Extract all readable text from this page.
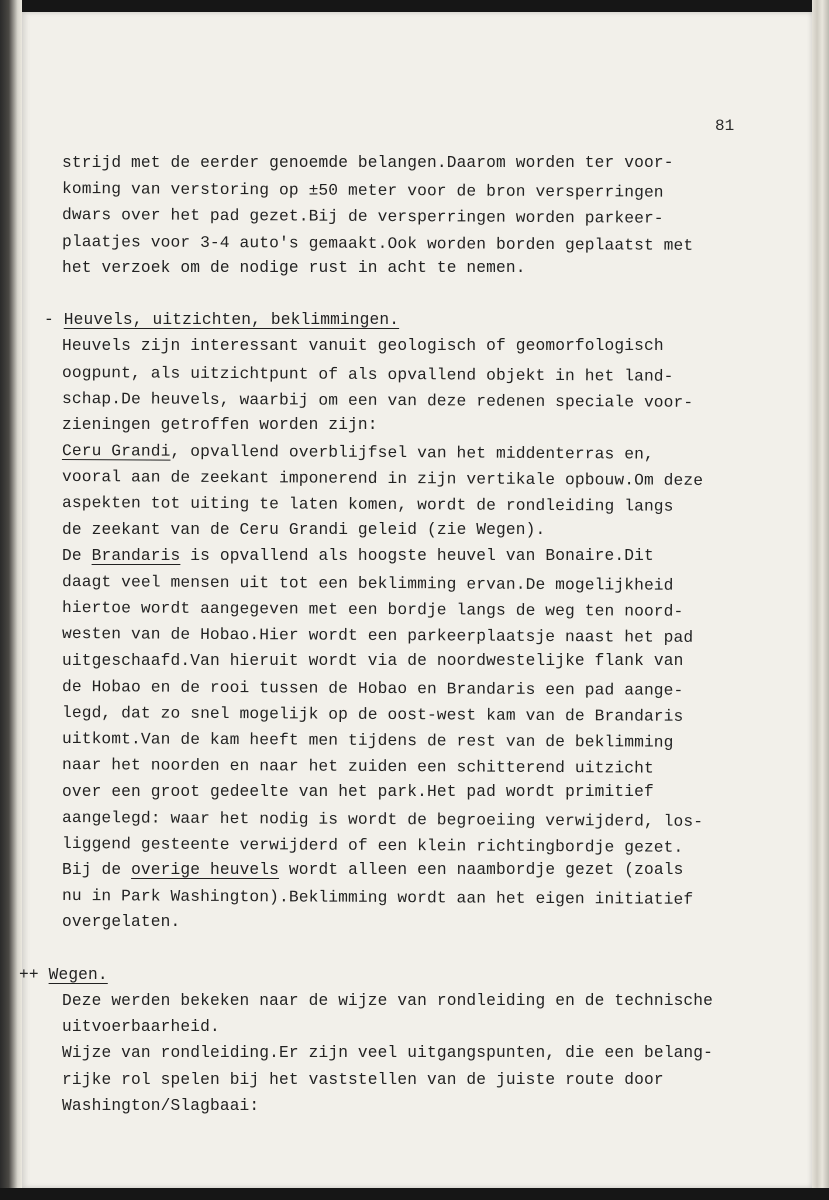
81
strijd met de eerder genoemde belangen.Daarom worden ter voor-
koming van verstoring op ±50 meter voor de bron versperringen
dwars over het pad gezet.Bij de versperringen worden parkeer-
plaatjes voor 3-4 auto's gemaakt.Ook worden borden geplaatst met
het verzoek om de nodige rust in acht te nemen.
- Heuvels, uitzichten, beklimmingen.
Heuvels zijn interessant vanuit geologisch of geomorfologisch
oogpunt, als uitzichtpunt of als opvallend objekt in het land-
schap.De heuvels, waarbij om een van deze redenen speciale voor-
zieningen getroffen worden zijn:
Ceru Grandi, opvallend overblijfsel van het middenterras en,
vooral aan de zeekant imponerend in zijn vertikale opbouw.Om deze
aspekten tot uiting te laten komen, wordt de rondleiding langs
de zeekant van de Ceru Grandi geleid (zie Wegen).
De Brandaris is opvallend als hoogste heuvel van Bonaire.Dit
daagt veel mensen uit tot een beklimming ervan.De mogelijkheid
hiertoe wordt aangegeven met een bordje langs de weg ten noord-
westen van de Hobao.Hier wordt een parkeerplaatsje naast het pad
uitgeschaafd.Van hieruit wordt via de noordwestelijke flank van
de Hobao en de rooi tussen de Hobao en Brandaris een pad aange-
legd, dat zo snel mogelijk op de oost-west kam van de Brandaris
uitkomt.Van de kam heeft men tijdens de rest van de beklimming
naar het noorden en naar het zuiden een schitterend uitzicht
over een groot gedeelte van het park.Het pad wordt primitief
aangelegd: waar het nodig is wordt de begroeiing verwijderd, los-
liggend gesteente verwijderd of een klein richtingbordje gezet.
Bij de overige heuvels wordt alleen een naambordje gezet (zoals
nu in Park Washington).Beklimming wordt aan het eigen initiatief
overgelaten.
++ Wegen.
Deze werden bekeken naar de wijze van rondleiding en de technische
uitvoerbaarheid.
Wijze van rondleiding.Er zijn veel uitgangspunten, die een belang-
rijke rol spelen bij het vaststellen van de juiste route door
Washington/Slagbaai:
